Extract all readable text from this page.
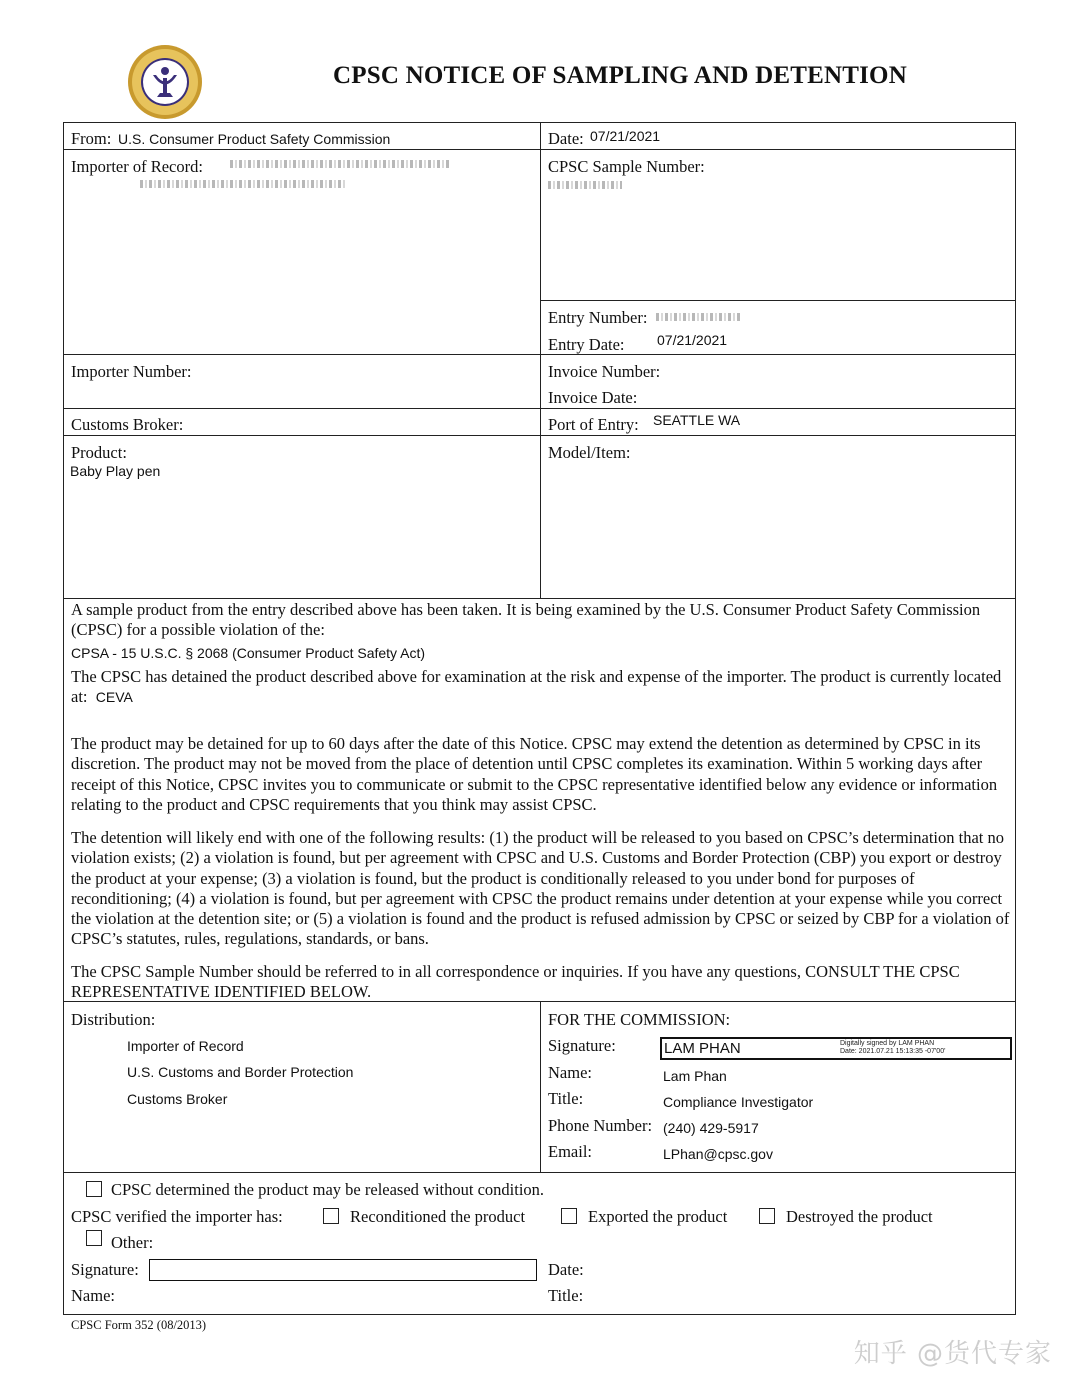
CPSC NOTICE OF SAMPLING AND DETENTION
From: U.S. Consumer Product Safety Commission	Date: 07/21/2021
Importer of Record:	CPSC Sample Number:
Entry Number:
Entry Date: 07/21/2021
Importer Number:	Invoice Number:
Invoice Date:
Customs Broker:	Port of Entry: SEATTLE WA
Product:
Baby Play pen
Model/Item:
A sample product from the entry described above has been taken. It is being examined by the U.S. Consumer Product Safety Commission (CPSC) for a possible violation of the:
CPSA - 15 U.S.C. § 2068 (Consumer Product Safety Act)
The CPSC has detained the product described above for examination at the risk and expense of the importer. The product is currently located at: CEVA
The product may be detained for up to 60 days after the date of this Notice. CPSC may extend the detention as determined by CPSC in its discretion. The product may not be moved from the place of detention until CPSC completes its examination. Within 5 working days after receipt of this Notice, CPSC invites you to communicate or submit to the CPSC representative identified below any evidence or information relating to the product and CPSC requirements that you think may assist CPSC.
The detention will likely end with one of the following results: (1) the product will be released to you based on CPSC’s determination that no violation exists; (2) a violation is found, but per agreement with CPSC and U.S. Customs and Border Protection (CBP) you export or destroy the product at your expense; (3) a violation is found, but the product is conditionally released to you under bond for purposes of reconditioning; (4) a violation is found, but per agreement with CPSC the product remains under detention at your expense while you correct the violation at the detention site; or (5) a violation is found and the product is refused admission by CPSC or seized by CBP for a violation of CPSC’s statutes, rules, regulations, standards, or bans.
The CPSC Sample Number should be referred to in all correspondence or inquiries. If you have any questions, CONSULT THE CPSC REPRESENTATIVE IDENTIFIED BELOW.
Distribution:
Importer of Record
U.S. Customs and Border Protection
Customs Broker
FOR THE COMMISSION:
Signature:	LAM PHAN	Digitally signed by LAM PHAN
Date: 2021.07.21 15:13:35 -07'00'
Name:	Lam Phan
Title:	Compliance Investigator
Phone Number: (240) 429-5917
Email:	LPhan@cpsc.gov
CPSC determined the product may be released without condition.
CPSC verified the importer has:	Reconditioned the product	Exported the product	Destroyed the product
Other:
Signature:	Date:
Name:	Title:
CPSC Form 352 (08/2013)
知乎 @货代专家
